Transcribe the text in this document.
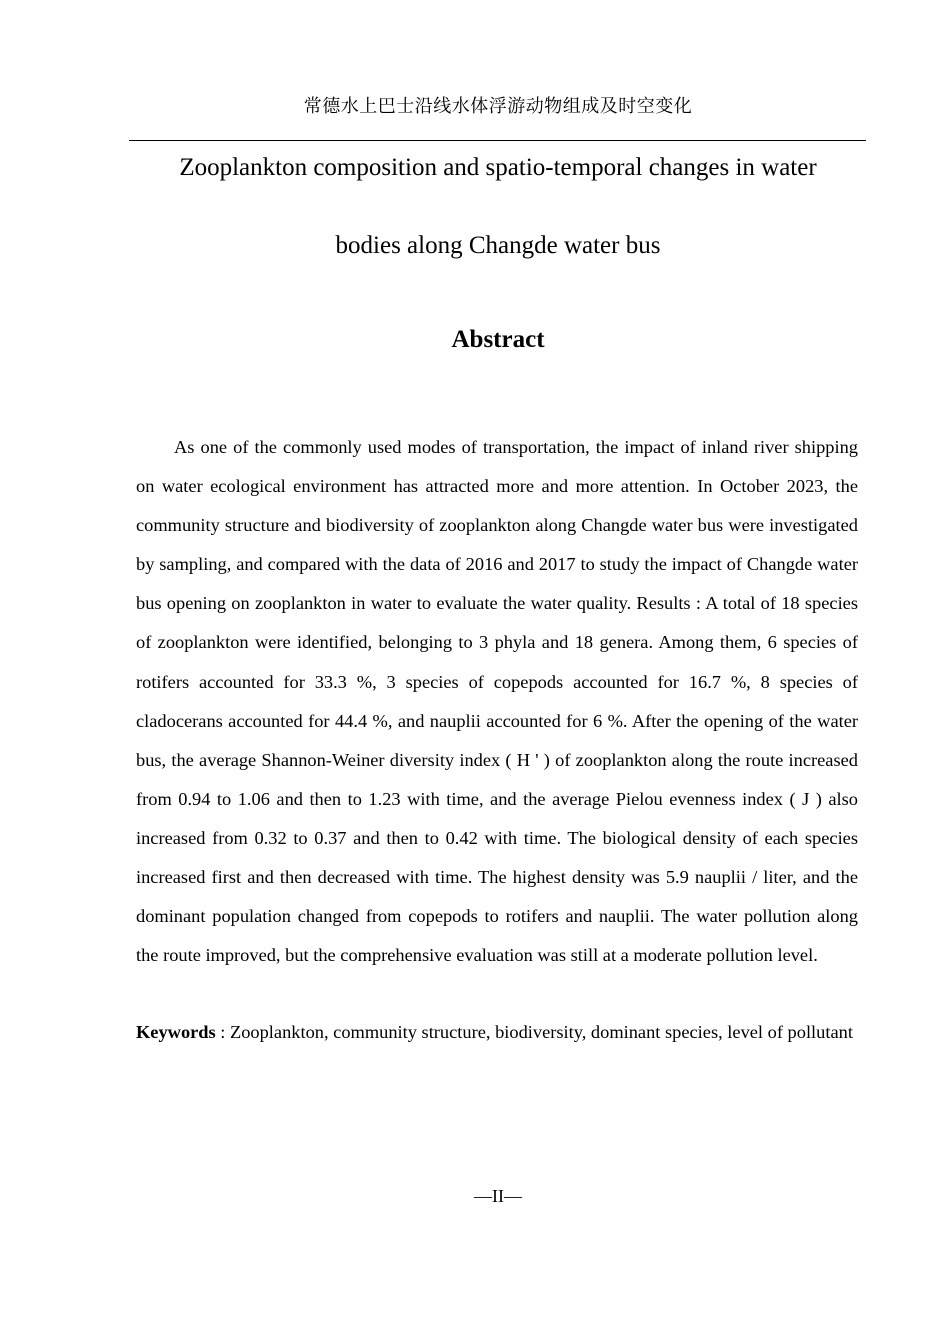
常德水上巴士沿线水体浮游动物组成及时空变化
Zooplankton composition and spatio-temporal changes in water
bodies along Changde water bus
Abstract

As one of the commonly used modes of transportation, the impact of inland river shipping on water ecological environment has attracted more and more attention. In October 2023, the community structure and biodiversity of zooplankton along Changde water bus were investigated by sampling, and compared with the data of 2016 and 2017 to study the impact of Changde water bus opening on zooplankton in water to evaluate the water quality. Results : A total of 18 species of zooplankton were identified, belonging to 3 phyla and 18 genera. Among them, 6 species of rotifers accounted for 33.3 %, 3 species of copepods accounted for 16.7 %, 8 species of cladocerans accounted for 44.4 %, and nauplii accounted for 6 %. After the opening of the water bus, the average Shannon-Weiner diversity index ( H ' ) of zooplankton along the route increased from 0.94 to 1.06 and then to 1.23 with time, and the average Pielou evenness index ( J ) also increased from 0.32 to 0.37 and then to 0.42 with time. The biological density of each species increased first and then decreased with time. The highest density was 5.9 nauplii / liter, and the dominant population changed from copepods to rotifers and nauplii. The water pollution along the route improved, but the comprehensive evaluation was still at a moderate pollution level.

Keywords : Zooplankton, community structure, biodiversity, dominant species, level of pollutant

—II—
